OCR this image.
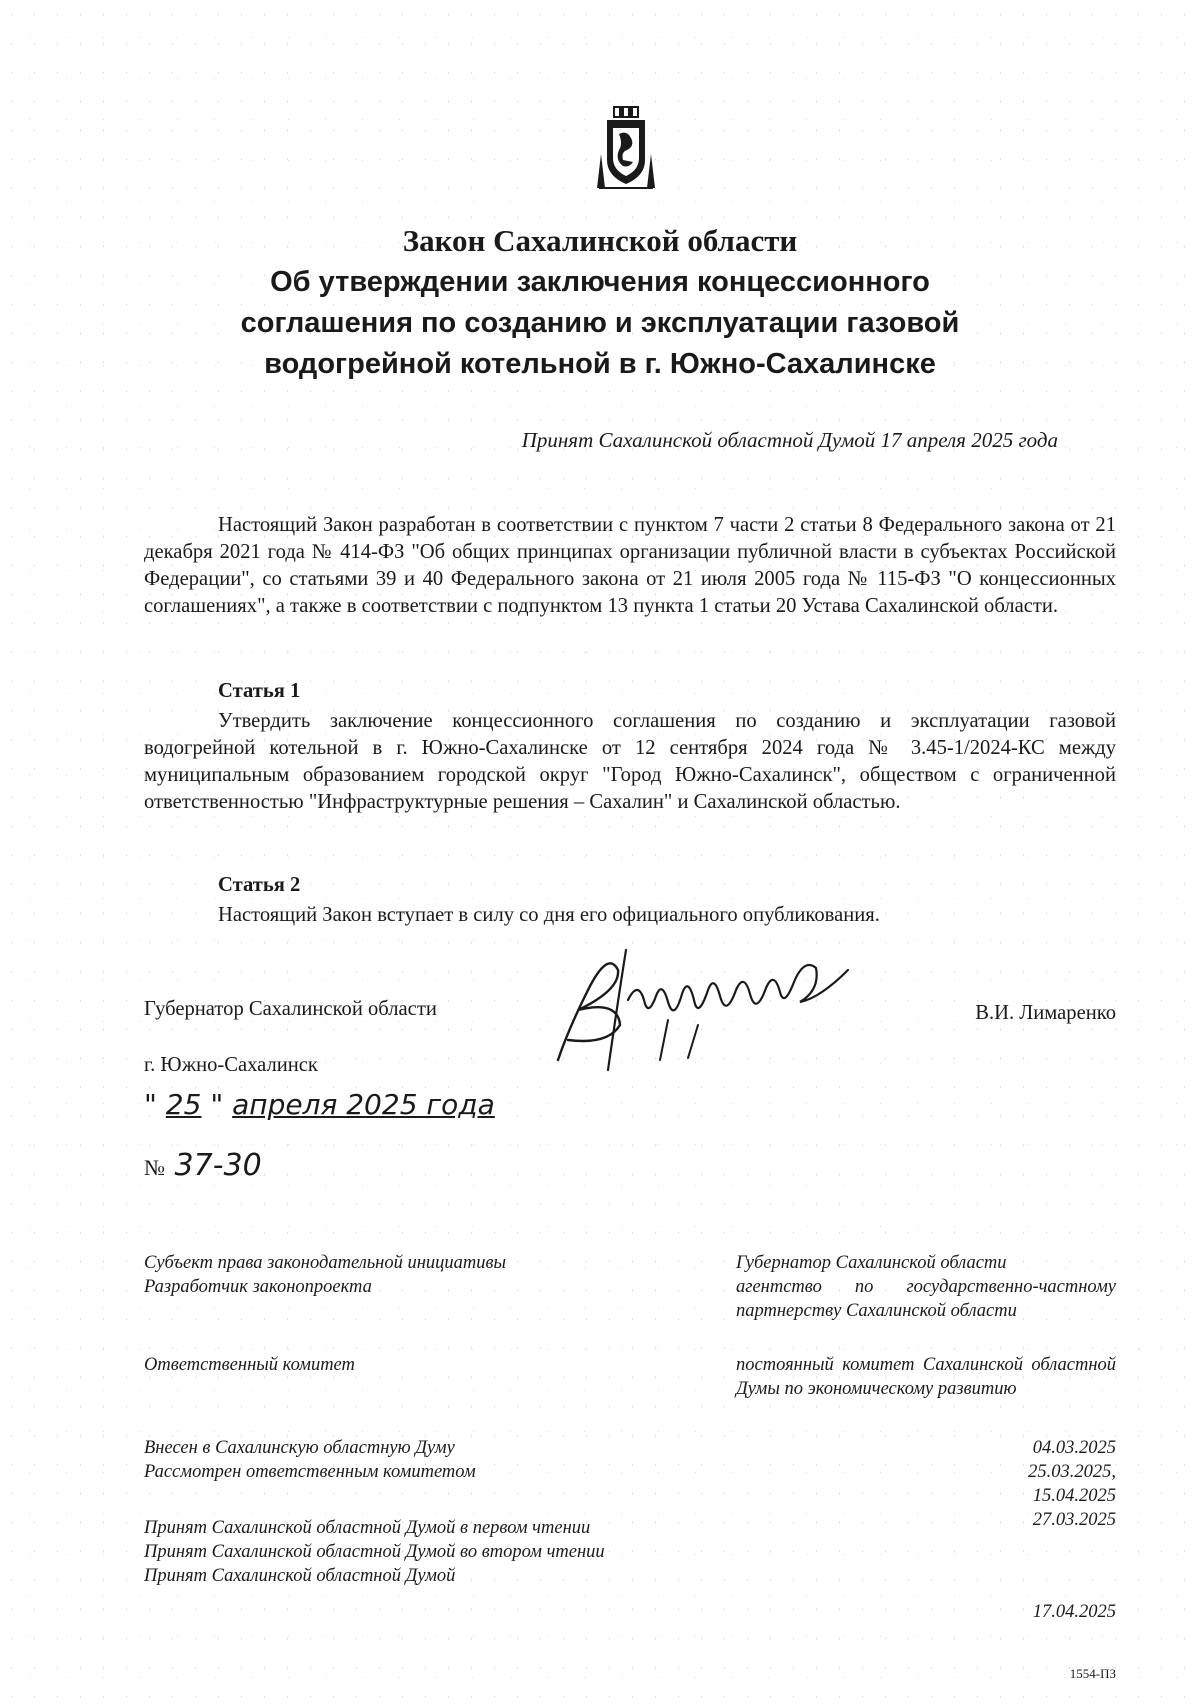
Закон Сахалинской области
Об утверждении заключения концессионного
соглашения по созданию и эксплуатации газовой
водогрейной котельной в г. Южно-Сахалинске
Принят Сахалинской областной Думой 17 апреля 2025 года
Настоящий Закон разработан в соответствии с пунктом 7 части 2 статьи 8 Федерального закона от 21 декабря 2021 года № 414-ФЗ "Об общих принципах организации публичной власти в субъектах Российской Федерации", со статьями 39 и 40 Федерального закона от 21 июля 2005 года № 115-ФЗ "О концессионных соглашениях", а также в соответствии с подпунктом 13 пункта 1 статьи 20 Устава Сахалинской области.
Статья 1
Утвердить заключение концессионного соглашения по созданию и эксплуатации газовой водогрейной котельной в г. Южно-Сахалинске от 12 сентября 2024 года № 3.45-1/2024-КС между муниципальным образованием городской округ "Город Южно-Сахалинск", обществом с ограниченной ответственностью "Инфраструктурные решения – Сахалин" и Сахалинской областью.
Статья 2
Настоящий Закон вступает в силу со дня его официального опубликования.
Губернатор Сахалинской области	В.И. Лимаренко
г. Южно-Сахалинск
" 25 " апреля 2025 года
№ 37-30
Субъект права законодательной инициативы
Разработчик законопроекта
Ответственный комитет
Внесен в Сахалинскую областную Думу
Рассмотрен ответственным комитетом
Принят Сахалинской областной Думой в первом чтении
Принят Сахалинской областной Думой во втором чтении
Принят Сахалинской областной Думой
Губернатор Сахалинской области
агентство по государственно-частному партнерству Сахалинской области
постоянный комитет Сахалинской областной Думы по экономическому развитию
04.03.2025
25.03.2025,
15.04.2025
27.03.2025
17.04.2025
1554-ПЗ
